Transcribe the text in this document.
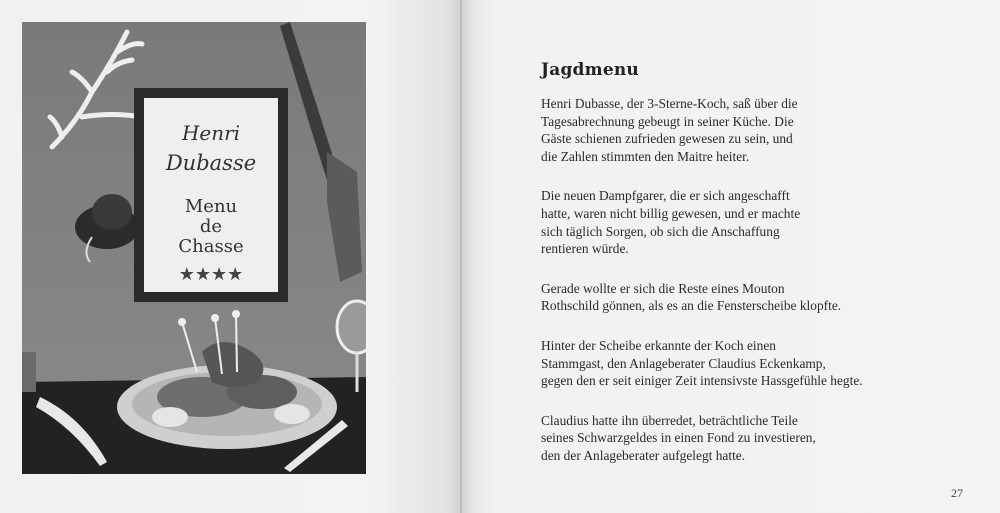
Henri
Dubasse
Menu
de
Chasse
★★★★
Jagdmenu

Henri Dubasse, der 3-Sterne-Koch, saß über die
Tagesabrechnung gebeugt in seiner Küche. Die
Gäste schienen zufrieden gewesen zu sein, und
die Zahlen stimmten den Maitre heiter.

Die neuen Dampfgarer, die er sich angeschafft
hatte, waren nicht billig gewesen, und er machte
sich täglich Sorgen, ob sich die Anschaffung
rentieren würde.

Gerade wollte er sich die Reste eines Mouton
Rothschild gönnen, als es an die Fensterscheibe klopfte.

Hinter der Scheibe erkannte der Koch einen
Stammgast, den Anlageberater Claudius Eckenkamp,
gegen den er seit einiger Zeit intensivste Hassgefühle hegte.

Claudius hatte ihn überredet, beträchtliche Teile
seines Schwarzgeldes in einen Fond zu investieren,
den der Anlageberater aufgelegt hatte.

27
